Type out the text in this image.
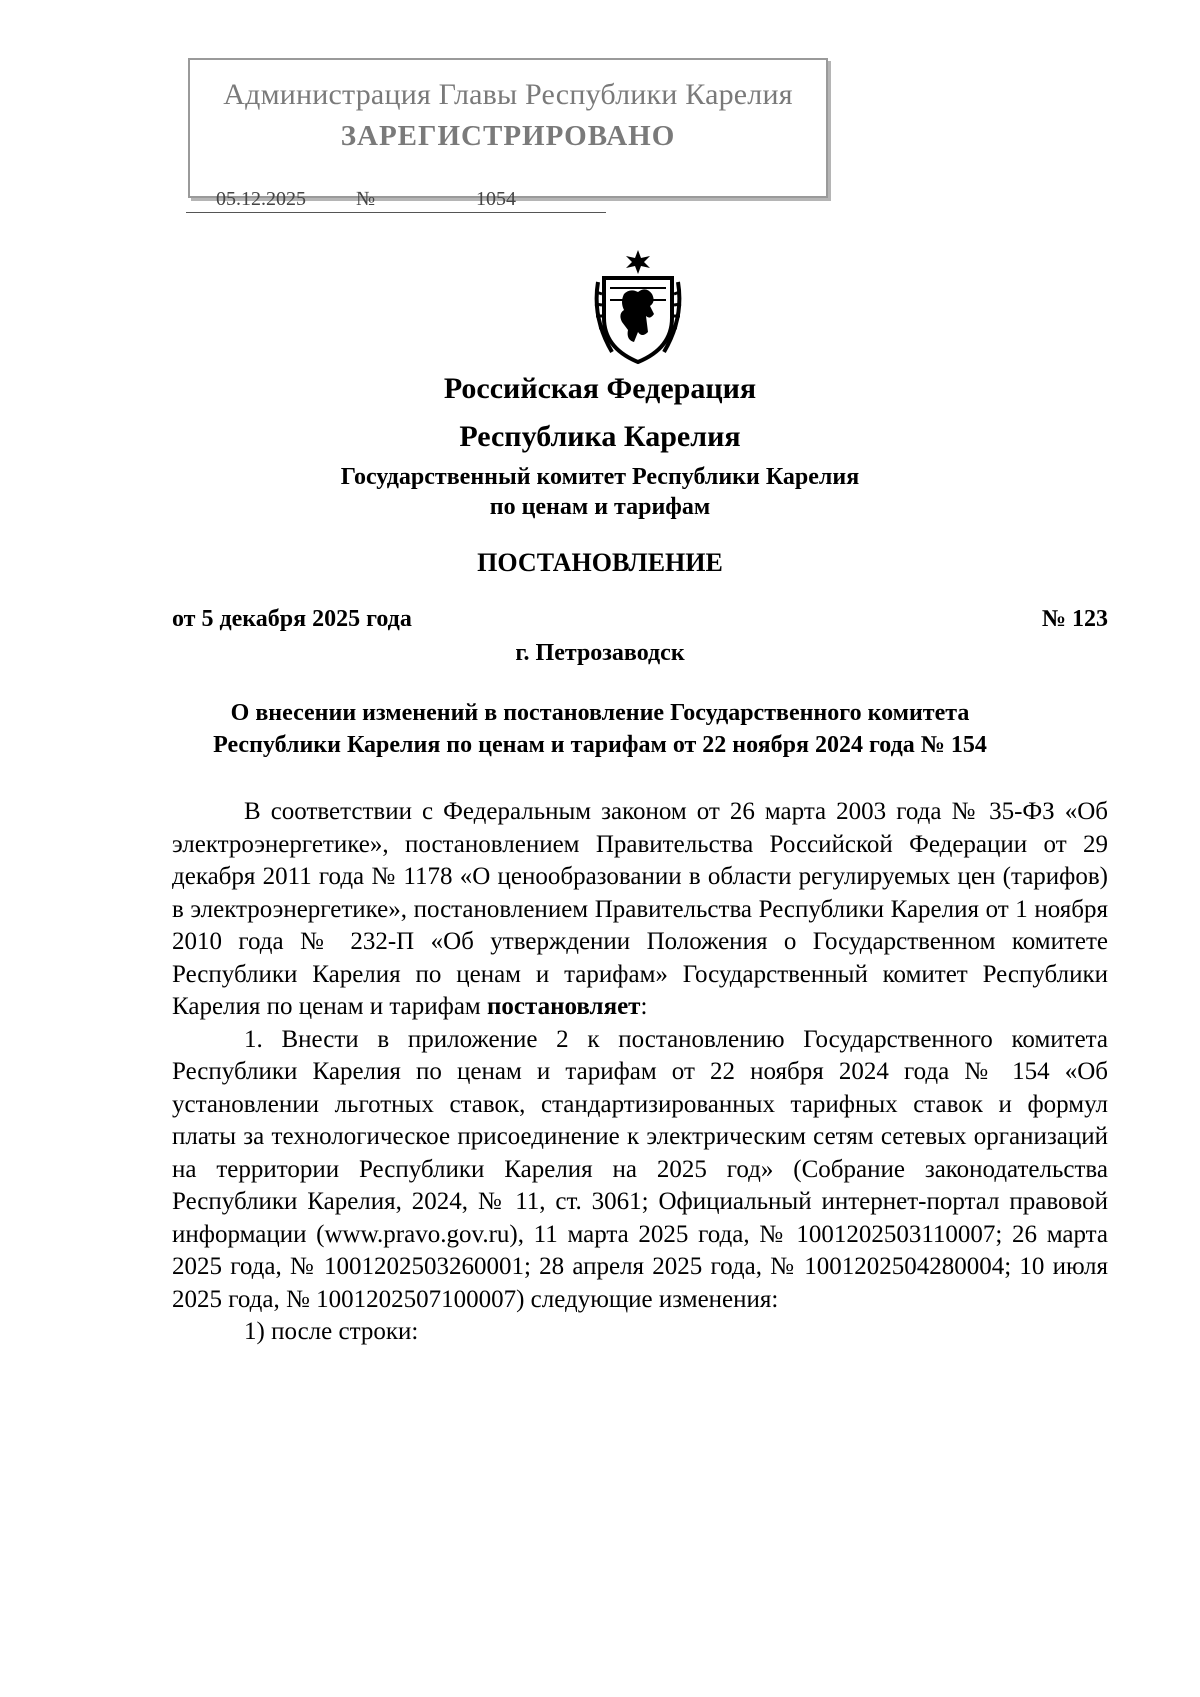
Администрация Главы Республики Карелия
ЗАРЕГИСТРИРОВАНО
05.12.2025	№	1054
Российская Федерация
Республика Карелия
Государственный комитет Республики Карелия
по ценам и тарифам
ПОСТАНОВЛЕНИЕ
от 5 декабря 2025 года	№ 123
г. Петрозаводск
О внесении изменений в постановление Государственного комитета
Республики Карелия по ценам и тарифам от 22 ноября 2024 года № 154

В соответствии с Федеральным законом от 26 марта 2003 года № 35-ФЗ «Об электроэнергетике», постановлением Правительства Российской Федерации от 29 декабря 2011 года № 1178 «О ценообразовании в области регулируемых цен (тарифов) в электроэнергетике», постановлением Правительства Республики Карелия от 1 ноября 2010 года № 232-П «Об утверждении Положения о Государственном комитете Республики Карелия по ценам и тарифам» Государственный комитет Республики Карелия по ценам и тарифам постановляет:

1. Внести в приложение 2 к постановлению Государственного комитета Республики Карелия по ценам и тарифам от 22 ноября 2024 года № 154 «Об установлении льготных ставок, стандартизированных тарифных ставок и формул платы за технологическое присоединение к электрическим сетям сетевых организаций на территории Республики Карелия на 2025 год» (Собрание законодательства Республики Карелия, 2024, № 11, ст. 3061; Официальный интернет-портал правовой информации (www.pravo.gov.ru), 11 марта 2025 года, № 1001202503110007; 26 марта 2025 года, № 1001202503260001; 28 апреля 2025 года, № 1001202504280004; 10 июля 2025 года, № 1001202507100007) следующие изменения:

1) после строки:
